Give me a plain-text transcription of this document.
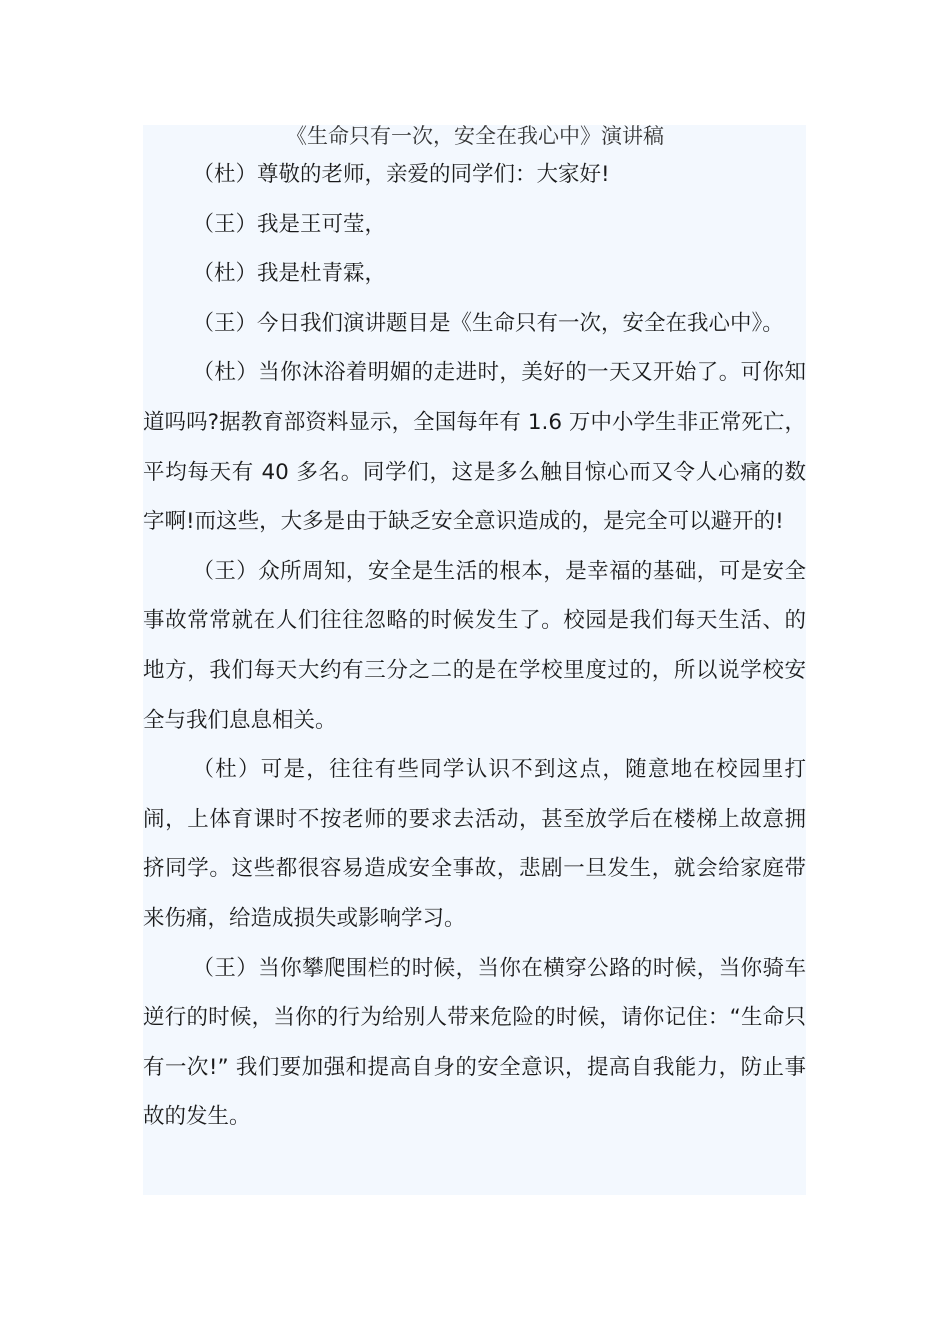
《生命只有一次，安全在我心中》演讲稿

（杜）尊敬的老师，亲爱的同学们：大家好!

（王）我是王可莹，

（杜）我是杜青霖，

（王）今日我们演讲题目是《生命只有一次，安全在我心中》。

（杜）当你沐浴着明媚的走进时，美好的一天又开始了。可你知道吗吗?据教育部资料显示，全国每年有 1.6 万中小学生非正常死亡，平均每天有 40 多名。同学们，这是多么触目惊心而又令人心痛的数字啊!而这些，大多是由于缺乏安全意识造成的，是完全可以避开的!

（王）众所周知，安全是生活的根本，是幸福的基础，可是安全事故常常就在人们往往忽略的时候发生了。校园是我们每天生活、的地方，我们每天大约有三分之二的是在学校里度过的，所以说学校安全与我们息息相关。

（杜）可是，往往有些同学认识不到这点，随意地在校园里打闹，上体育课时不按老师的要求去活动，甚至放学后在楼梯上故意拥挤同学。这些都很容易造成安全事故，悲剧一旦发生，就会给家庭带来伤痛，给造成损失或影响学习。

（王）当你攀爬围栏的时候，当你在横穿公路的时候，当你骑车逆行的时候，当你的行为给别人带来危险的时候，请你记住：“生命只有一次!” 我们要加强和提高自身的安全意识，提高自我能力，防止事故的发生。
